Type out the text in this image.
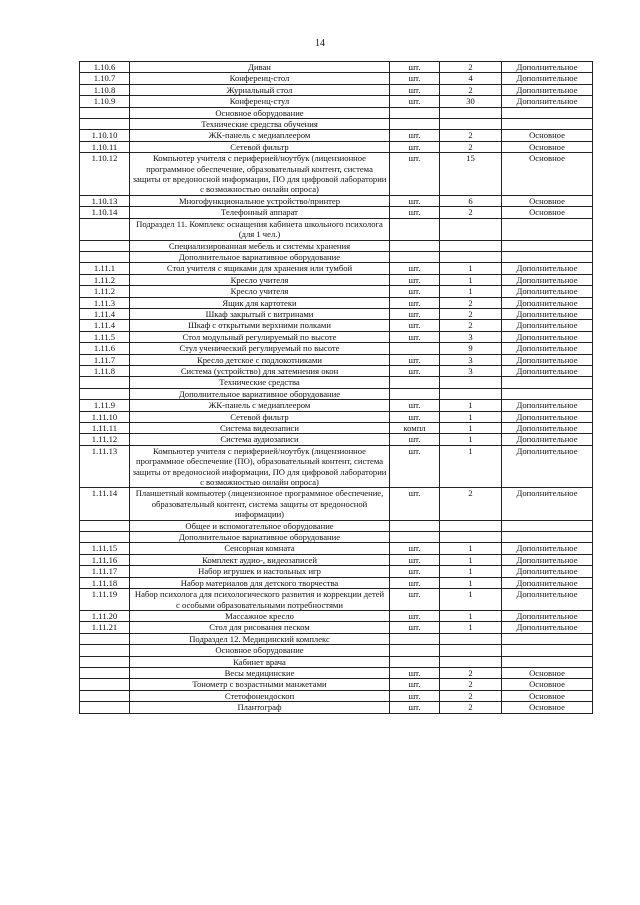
14
1.10.6	Диван	шт.	2	Дополнительное
1.10.7	Конференц-стол	шт.	4	Дополнительное
1.10.8	Журнальный стол	шт.	2	Дополнительное
1.10.9	Конференц-стул	шт.	30	Дополнительное
	Основное оборудование			
	Технические средства обучения			
1.10.10	ЖК-панель с медиаплеером	шт.	2	Основное
1.10.11	Сетевой фильтр	шт.	2	Основное
1.10.12	Компьютер учителя с периферией/ноутбук (лицензионное программное обеспечение, образовательный контент, система защиты от вредоносной информации, ПО для цифровой лаборатории с возможностью онлайн опроса)	шт.	15	Основное
1.10.13	Многофункциональное устройство/принтер	шт.	6	Основное
1.10.14	Телефонный аппарат	шт.	2	Основное
	Подраздел 11. Комплекс оснащения кабинета школьного психолога (для 1 чел.)			
	Специализированная мебель и системы хранения			
	Дополнительное вариативное оборудование			
1.11.1	Стол учителя с ящиками для хранения или тумбой	шт.	1	Дополнительное
1.11.2	Кресло учителя	шт.	1	Дополнительное
1.11.2	Кресло учителя	шт.	1	Дополнительное
1.11.3	Ящик для картотеки	шт.	2	Дополнительное
1.11.4	Шкаф закрытый с витринами	шт.	2	Дополнительное
1.11.4	Шкаф с открытыми верхними полками	шт.	2	Дополнительное
1.11.5	Стол модульный регулируемый по высоте	шт.	3	Дополнительное
1.11.6	Стул ученический регулируемый по высоте		9	Дополнительное
1.11.7	Кресло детское с подлокотниками	шт.	3	Дополнительное
1.11.8	Система (устройство) для затемнения окон	шт.	3	Дополнительное
	Технические средства			
	Дополнительное вариативное оборудование			
1.11.9	ЖК-панель с медиаплеером	шт.	1	Дополнительное
1.11.10	Сетевой фильтр	шт.	1	Дополнительное
1.11.11	Система видеозаписи	компл	1	Дополнительное
1.11.12	Система аудиозаписи	шт.	1	Дополнительное
1.11.13	Компьютер учителя с периферией/ноутбук (лицензионное программное обеспечение (ПО), образовательный контент, система защиты от вредоносной информации, ПО для цифровой лаборатории с возможностью онлайн опроса)	шт.	1	Дополнительное
1.11.14	Планшетный компьютер (лицензионное программное обеспечение, образовательный контент, система защиты от вредоносной информации)	шт.	2	Дополнительное
	Общее и вспомогательное оборудование			
	Дополнительное вариативное оборудование			
1.11.15	Сенсорная комната	шт.	1	Дополнительное
1.11.16	Комплект аудио-, видеозаписей	шт.	1	Дополнительное
1.11.17	Набор игрушек и настольных игр	шт.	1	Дополнительное
1.11.18	Набор материалов для детского творчества	шт.	1	Дополнительное
1.11.19	Набор психолога для психологического развития и коррекции детей с особыми образовательными потребностями	шт.	1	Дополнительное
1.11.20	Массажное кресло	шт.	1	Дополнительное
1.11.21	Стол для рисования песком	шт.	1	Дополнительное
	Подраздел 12. Медицинский комплекс			
	Основное оборудование			
	Кабинет врача			
	Весы медицинские	шт.	2	Основное
	Тонометр с возрастными манжетами	шт.	2	Основное
	Стетофонендоскоп	шт.	2	Основное
	Плантограф	шт.	2	Основное
